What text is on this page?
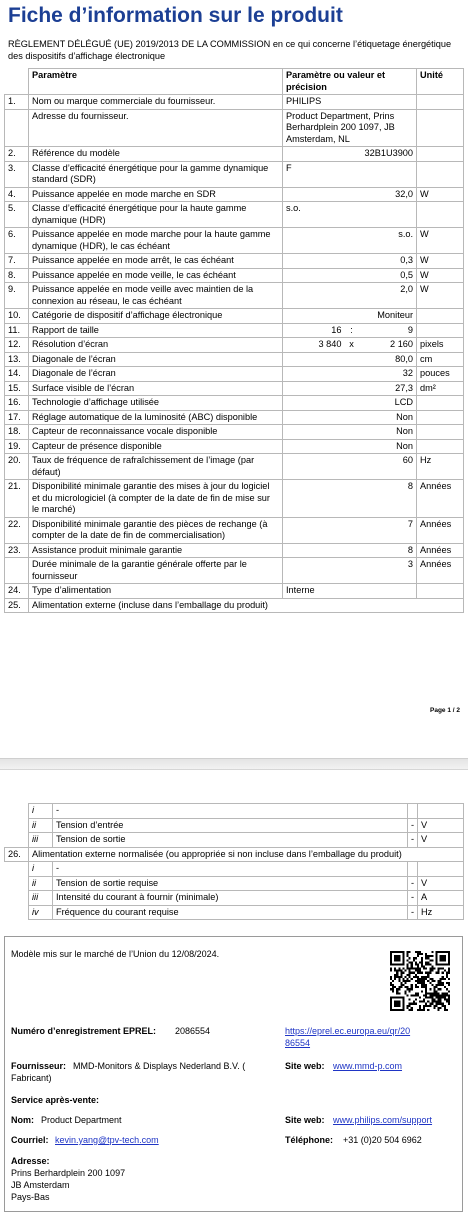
Fiche d’information sur le produit
RÈGLEMENT DÉLÉGUÉ (UE) 2019/2013 DE LA COMMISSION en ce qui concerne l’étiquetage énergétique des dispositifs d’affichage électronique
	Paramètre	Paramètre ou valeur et précision			Unité
1.	Nom ou marque commerciale du fournisseur.	PHILIPS			
	Adresse du fournisseur.	Product Department, Prins Berhardplein 200 1097, JB Amsterdam, NL			
2.	Référence du modèle	32B1U3900			
3.	Classe d’efficacité énergétique pour la gamme dynamique standard (SDR)	F			
4.	Puissance appelée en mode marche en SDR	32,0			W
5.	Classe d’efficacité énergétique pour la haute gamme dynamique (HDR)	s.o.			
6.	Puissance appelée en mode marche pour la haute gamme dynamique (HDR), le cas échéant	s.o.			W
7.	Puissance appelée en mode arrêt, le cas échéant	0,3			W
8.	Puissance appelée en mode veille, le cas échéant	0,5			W
9.	Puissance appelée en mode veille avec maintien de la connexion au réseau, le cas échéant	2,0			W
10.	Catégorie de dispositif d’affichage électronique	Moniteur			
11.	Rapport de taille	16	:	9	
12.	Résolution d’écran	3 840	x	2 160	pixels
13.	Diagonale de l’écran	80,0			cm
14.	Diagonale de l’écran	32			pouces
15.	Surface visible de l’écran	27,3			dm²
16.	Technologie d’affichage utilisée	LCD			
17.	Réglage automatique de la luminosité (ABC) disponible	Non			
18.	Capteur de reconnaissance vocale disponible	Non			
19.	Capteur de présence disponible	Non			
20.	Taux de fréquence de rafraîchissement de l’image (par défaut)	60			Hz
21.	Disponibilité minimale garantie des mises à jour du logiciel et du micrologiciel (à compter de la date de fin de mise sur le marché)	8			Années
22.	Disponibilité minimale garantie des pièces de rechange (à compter de la date de fin de commercialisation)	7			Années
23.	Assistance produit minimale garantie	8			Années
	Durée minimale de la garantie générale offerte par le fournisseur	3			Années
24.	Type d’alimentation	Interne			
25.	Alimentation externe (incluse dans l’emballage du produit)				
Page 1 / 2
	i	-		
	ii	Tension d’entrée	-	V
	iii	Tension de sortie	-	V
26.	Alimentation externe normalisée (ou appropriée si non incluse dans l’emballage du produit)			
	i	-		
	ii	Tension de sortie requise	-	V
	iii	Intensité du courant à fournir (minimale)	-	A
	iv	Fréquence du courant requise	-	Hz
Modèle mis sur le marché de l’Union du 12/08/2024.
Numéro d’enregistrement EPREL: 2086554	https://eprel.ec.europa.eu/qr/20
86554
Fournisseur: MMD-Monitors & Displays Nederland B.V. (
Fabricant)
Site web: www.mmd-p.com
Service après-vente:
Nom: Product Department	Site web: www.philips.com/support
Courriel: kevin.yang@tpv-tech.com	Téléphone: +31 (0)20 504 6962
Adresse:
Prins Berhardplein 200 1097
JB Amsterdam
Pays-Bas
